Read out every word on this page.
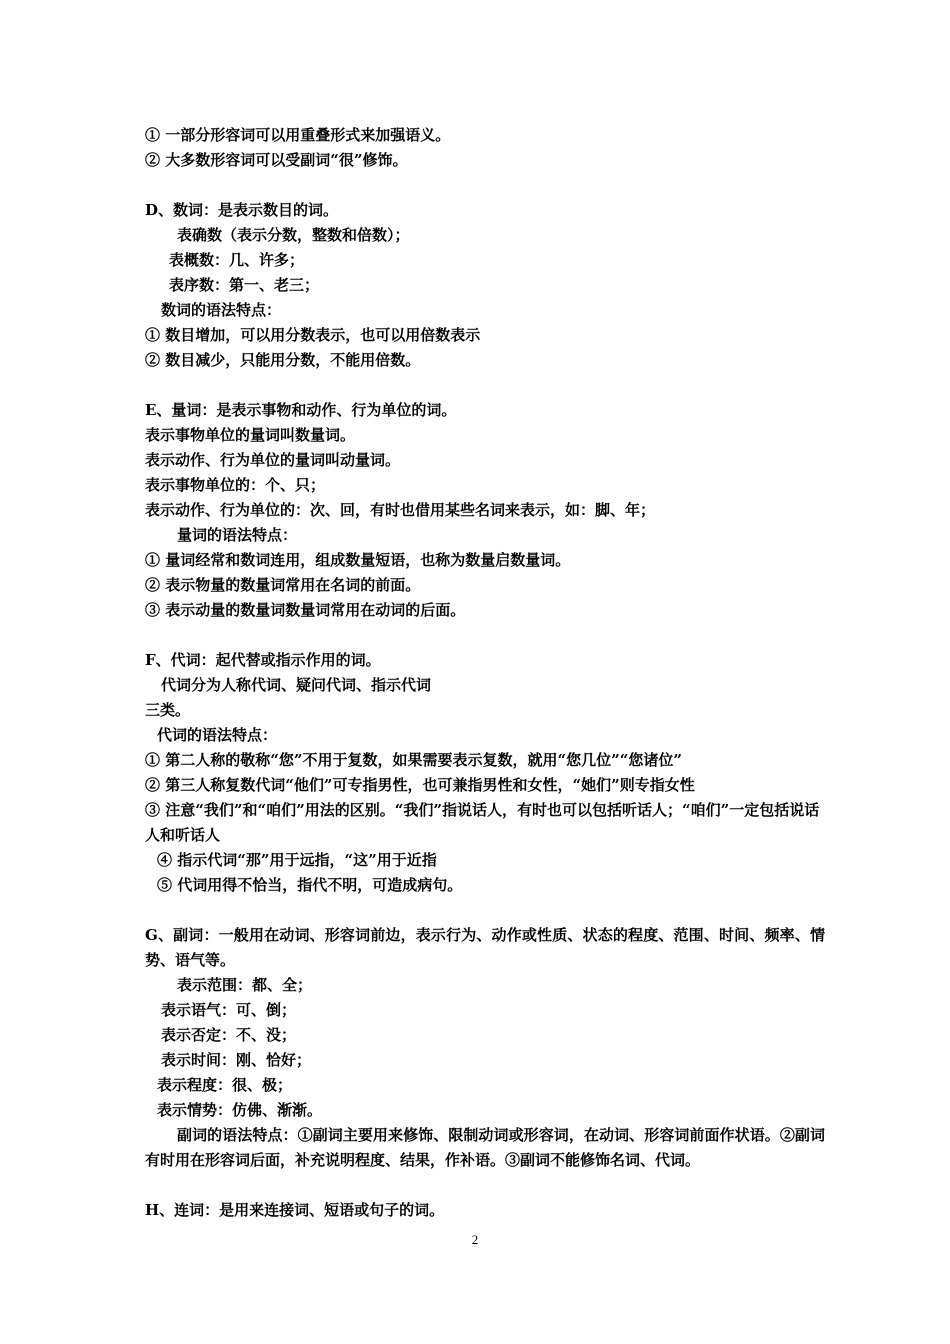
① 一部分形容词可以用重叠形式来加强语义。
② 大多数形容词可以受副词“很”修饰。
D、数词：是表示数目的词。
表确数（表示分数，整数和倍数）；
表概数：几、许多；
表序数：第一、老三；
数词的语法特点：
① 数目增加，可以用分数表示，也可以用倍数表示
② 数目减少，只能用分数，不能用倍数。
E、量词：是表示事物和动作、行为单位的词。
表示事物单位的量词叫数量词。
表示动作、行为单位的量词叫动量词。
表示事物单位的：个、只；
表示动作、行为单位的：次、回，有时也借用某些名词来表示，如：脚、年；
量词的语法特点：
① 量词经常和数词连用，组成数量短语，也称为数量启数量词。
② 表示物量的数量词常用在名词的前面。
③ 表示动量的数量词数量词常用在动词的后面。
F、代词：起代替或指示作用的词。
代词分为人称代词、疑问代词、指示代词
三类。
代词的语法特点：
① 第二人称的敬称“您”不用于复数，如果需要表示复数，就用“您几位”“您诸位”
② 第三人称复数代词“他们”可专指男性，也可兼指男性和女性，“她们”则专指女性
③ 注意“我们”和“咱们”用法的区别。“我们”指说话人，有时也可以包括听话人；“咱们”一定包括说话人和听话人
④ 指示代词“那”用于远指，“这”用于近指
⑤ 代词用得不恰当，指代不明，可造成病句。
G、副词：一般用在动词、形容词前边，表示行为、动作或性质、状态的程度、范围、时间、频率、情势、语气等。
表示范围：都、全；
表示语气：可、倒；
表示否定：不、没；
表示时间：刚、恰好；
表示程度：很、极；
表示情势：仿佛、渐渐。
副词的语法特点：①副词主要用来修饰、限制动词或形容词，在动词、形容词前面作状语。②副词有时用在形容词后面，补充说明程度、结果，作补语。③副词不能修饰名词、代词。
H、连词：是用来连接词、短语或句子的词。
2
